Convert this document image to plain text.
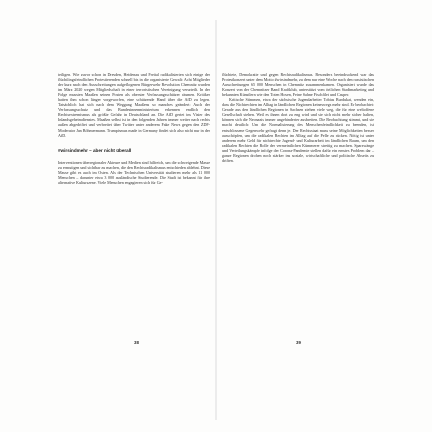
teiligen. Wie zuvor schon in Dresden, Heidenau und Freital radikalisierten sich einige der flüchtlingsfeindlichen Protestierenden schnell bis in die organisierte Gewalt: Acht Mitglieder der kurz nach den Ausschreitungen aufgeflogenen Bürgerwehr Revolution Chemnitz wurden im März 2020 wegen Mitgliedschaft in einer terroristischen Vereinigung verurteilt. In der Folge mussten Maaßen seinen Posten als oberster Verfassungsschützer räumen. Kritiker hatten ihm schon länger vorgeworfen, eine schützende Hand über die AfD zu legen. Tatsächlich hat sich nach dem Weggang Maaßens so manches geändert: Auch der Verfassungsschutz und das Bundesinnenministerium erkennen endlich den Rechtsextremismus als größte Gefahr in Deutschland an. Die AfD geriet ins Visier des Inlandsgeheimdienstes. Maaßen selbst ist in den folgenden Jahren immer weiter nach rechts außen abgedriftet und verbreitet über Twitter unter anderem Fake News gegen den ZDF-Moderator Jan Böhmermann. Trumpismus made in Germany findet sich also nicht nur in der AfD.

#wirsindmehr – aber nicht überall

Interventionen überregionaler Akteure und Medien sind hilfreich, um die schweigende Masse zu ermutigen und sichtbar zu machen, die den Rechtsradikalismus entschieden ablehnt. Diese Masse gibt es auch im Osten. Als der Technischen Universität studieren mehr als 11 000 Menschen – darunter etwa 3 000 ausländische Studierende. Die Stadt ist bekannt für ihre alternative Kulturszene. Viele Menschen engagieren sich für Ge-

38

flüchtete, Demokratie und gegen Rechtsradikalismus. Besonders beeindruckend war das Protestkonzert unter dem Motto #wirsindmehr, zu dem nur eine Woche nach den rassistischen Ausschreitungen 65 000 Menschen in Chemnitz zusammenkamen. Organisiert wurde das Konzert von der Chemnitzer Band Kraftklub, unterstützt vom örtlichen Stadtmarketing und bekannten Künstlern wie den Toten Hosen, Feine Sahne Fischfilet und Casper.

Kritische Stimmen, etwa der sächsische Jugendarbeiter Tobias Burdukat, wenden ein, dass die Nichtrechten im Alltag in ländlichen Regionen keineswegs mehr sind. Er beobachtet: Gerade aus den ländlichen Regionen in Sachsen ziehen viele weg, die für eine weltoffene Gesellschaft stehen. Weil es ihnen dort zu eng wird und sie sich nicht mehr sicher halten, können sich die Neonazis immer ungehinderter ausbreiten. Die Beobachtung stimmt, und sie macht deutlich: Um die Normalisierung des Menschenfeindlichkeit zu beenden, ist entschlossene Gegenwehr gefragt denn je. Der Rechtsstaat muss seine Möglichkeiten besser ausschöpfen, um die radikalen Rechten im Alltag auf die Pelle zu rücken. Nötig ist unter anderem mehr Geld für nichtrechte Jugend- und Kulturarbeit im ländlichen Raum, um den radikalen Rechten die Rolle der vermeintlichen Kümmerer streitig zu machen. Sparzwänge und Verteilungskämpfe infolge der Corona-Pandemie stellen dafür ein ernstes Problem dar – ganze Regionen drohen noch stärker ins soziale, wirtschaftliche und politische Abseits zu driften.

39
